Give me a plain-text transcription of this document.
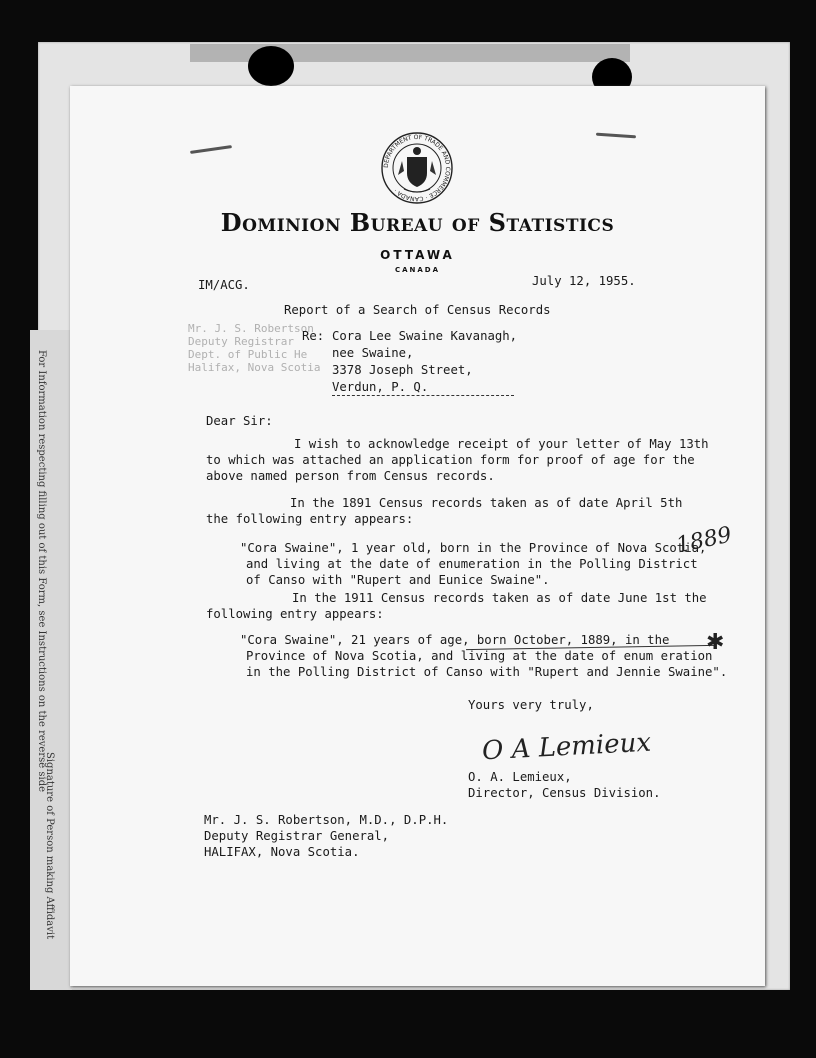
For Information respecting filling out of this Form, see Instructions on the reverse side
Signature of Person making Affidavit
Mr. J. S. Robertson
Deputy Registrar
Dept. of Public He
Halifax, Nova Scotia
DEPARTMENT OF TRADE AND COMMERCE · CANADA ·
Dominion Bureau of Statistics
OTTAWA
CANADA
IM/ACG.	July 12, 1955.
Report of a Search of Census Records
Re: Cora Lee Swaine Kavanagh,
nee Swaine,
3378 Joseph Street,
Verdun, P. Q.
Dear Sir:
I wish to acknowledge receipt of your letter of May 13th
to which was attached an application form for proof of age for the
above named person from Census records.
In the 1891 Census records taken as of date April 5th
the following entry appears:
"Cora Swaine", 1 year old, born in the Province of Nova Scotia,
and living at the date of enumeration in the Polling District
of Canso with "Rupert and Eunice Swaine".
1889
In the 1911 Census records taken as of date June 1st the
following entry appears:
"Cora Swaine", 21 years of age, born October, 1889, in the
Province of Nova Scotia, and living at the date of enum eration
in the Polling District of Canso with "Rupert and Jennie Swaine".
✱
Yours very truly,
O A Lemieux
O. A. Lemieux,
Director, Census Division.
Mr. J. S. Robertson, M.D., D.P.H.
Deputy Registrar General,
HALIFAX, Nova Scotia.
